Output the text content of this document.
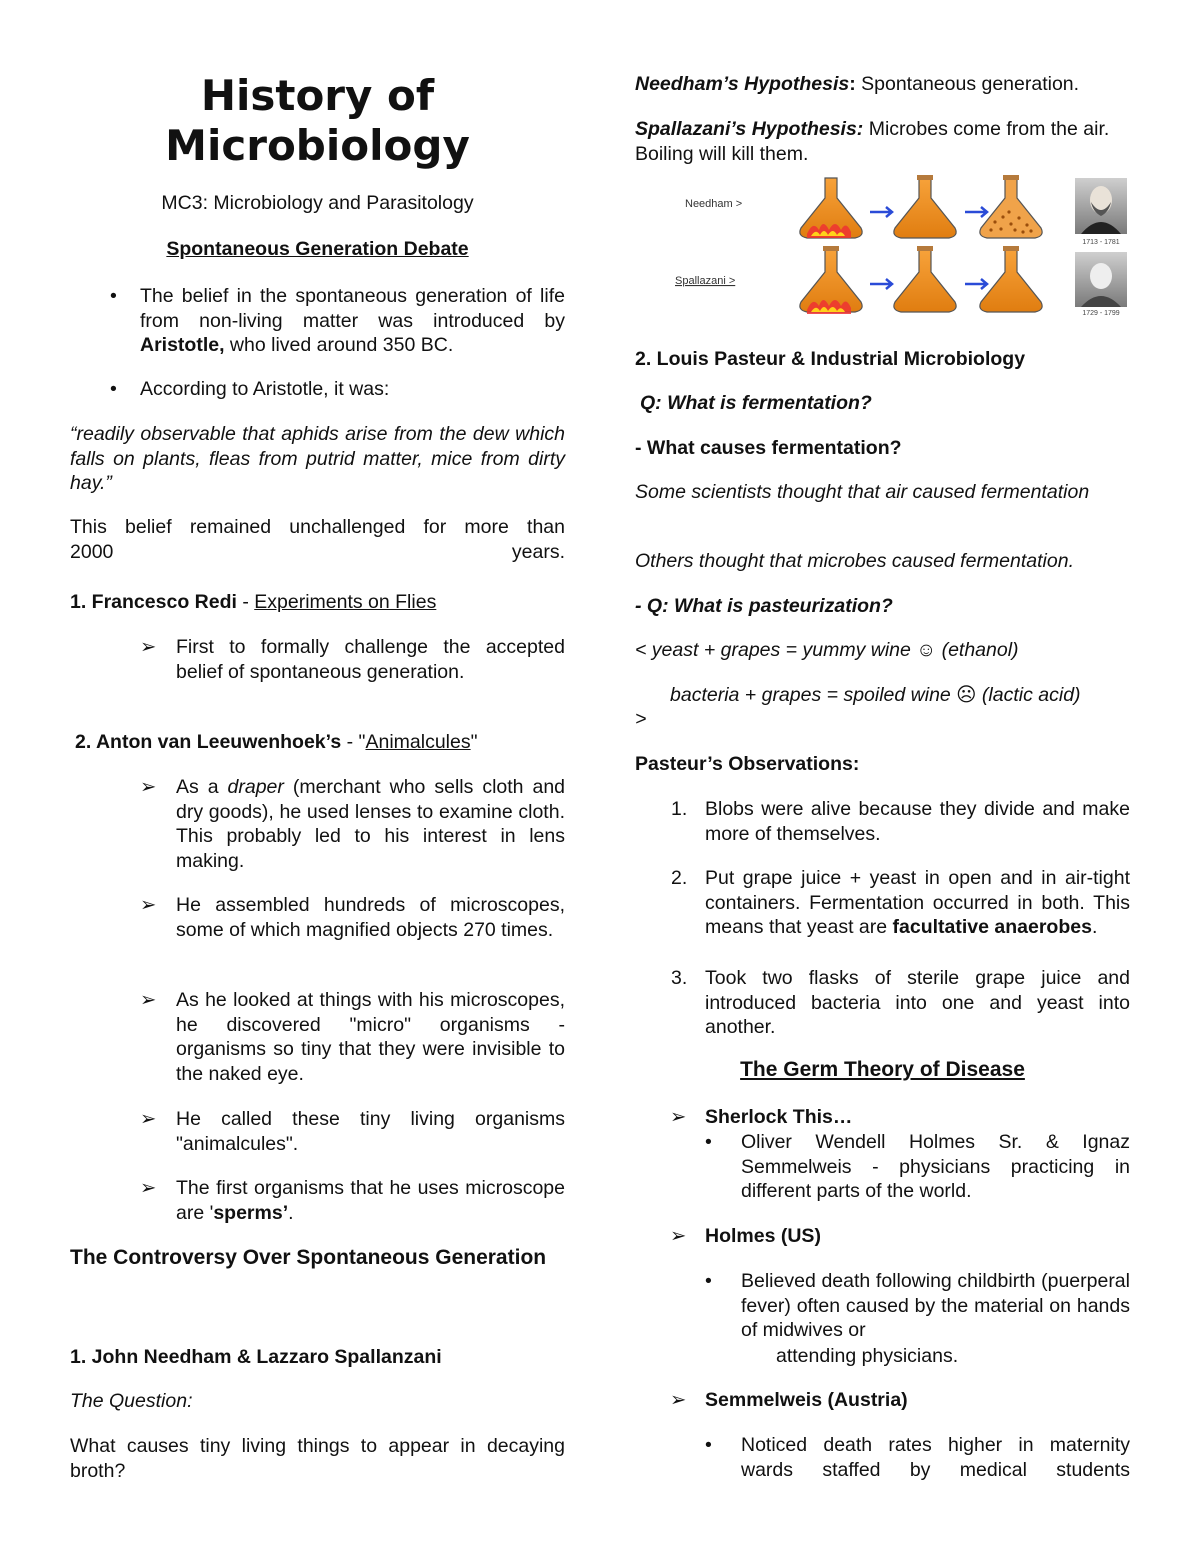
History of
Microbiology
MC3: Microbiology and Parasitology
Spontaneous Generation Debate
• The belief in the spontaneous generation of life from non-living matter was introduced by Aristotle, who lived around 350 BC.
• According to Aristotle, it was:
“readily observable that aphids arise from the dew which falls on plants, fleas from putrid matter, mice from dirty hay.”
This belief remained unchallenged for more than
2000	years.
1. Francesco Redi - Experiments on Flies
➢ First to formally challenge the accepted belief of spontaneous generation.
2. Anton van Leeuwenhoek’s - "Animalcules"
➢ As a draper (merchant who sells cloth and dry goods), he used lenses to examine cloth. This probably led to his interest in lens making.
➢ He assembled hundreds of microscopes, some of which magnified objects 270 times.
➢ As he looked at things with his microscopes, he discovered "micro" organisms - organisms so tiny that they were invisible to the naked eye.
➢ He called these tiny living organisms "animalcules".
➢ The first organisms that he uses microscope are 'sperms’.
The Controversy Over Spontaneous Generation
1. John Needham & Lazzaro Spallanzani
The Question:
What causes tiny living things to appear in decaying broth?
Needham’s Hypothesis: Spontaneous generation.
Spallazani’s Hypothesis: Microbes come from the air. Boiling will kill them.
Needham >
Spallazani >
1713 - 1781
1729 - 1799
2. Louis Pasteur & Industrial Microbiology
Q: What is fermentation?
- What causes fermentation?
Some scientists thought that air caused fermentation
Others thought that microbes caused fermentation.
- Q: What is pasteurization?
< yeast + grapes = yummy wine ☺ (ethanol)
bacteria + grapes = spoiled wine ☹ (lactic acid)
>
Pasteur’s Observations:
1. Blobs were alive because they divide and make more of themselves.
2. Put grape juice + yeast in open and in air-tight containers. Fermentation occurred in both. This means that yeast are facultative anaerobes.
3. Took two flasks of sterile grape juice and introduced bacteria into one and yeast into another.
The Germ Theory of Disease
➢ Sherlock This…
• Oliver Wendell Holmes Sr. & Ignaz Semmelweis - physicians practicing in different parts of the world.
➢ Holmes (US)
• Believed death following childbirth (puerperal fever) often caused by the material on hands of midwives or
attending physicians.
➢ Semmelweis (Austria)
• Noticed death rates higher in maternity wards staffed by medical students
